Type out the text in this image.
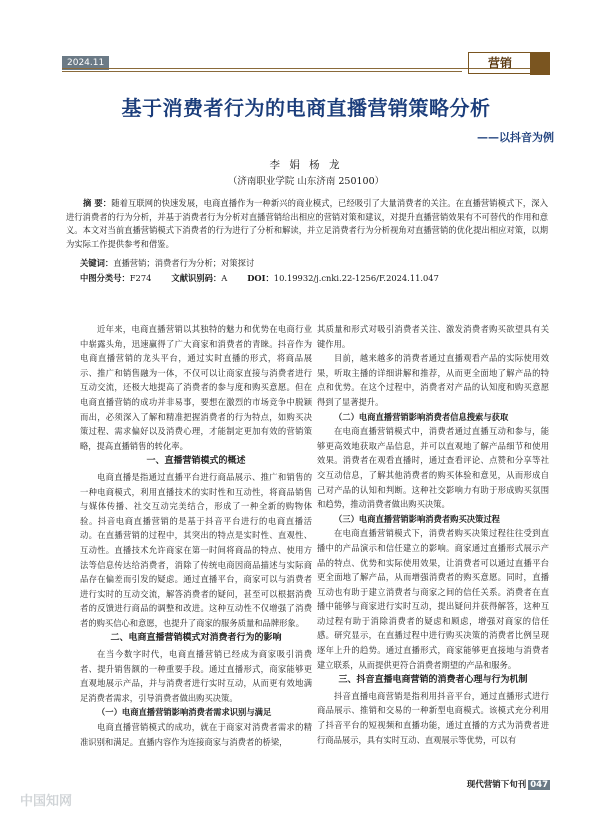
2024.11	营销
基于消费者行为的电商直播营销策略分析
——以抖音为例
李 娟 杨 龙
（济南职业学院 山东济南 250100）

摘 要：随着互联网的快速发展，电商直播作为一种新兴的商业模式，已经吸引了大量消费者的关注。在直播营销模式下，深入进行消费者的行为分析，并基于消费者行为分析对直播营销给出相应的营销对策和建议，对提升直播营销效果有不可替代的作用和意义。本文对当前直播营销模式下消费者的行为进行了分析和解读，并立足消费者行为分析视角对直播营销的优化提出相应对策，以期为实际工作提供参考和借鉴。

关键词：直播营销；消费者行为分析；对策探讨
中图分类号：F274 文献识别码：A DOI：10.19932/j.cnki.22-1256/F.2024.11.047

近年来，电商直播营销以其独特的魅力和优势在电商行业中崭露头角，迅速赢得了广大商家和消费者的青睐。抖音作为电商直播营销的龙头平台，通过实时直播的形式，将商品展示、推广和销售融为一体，不仅可以让商家直接与消费者进行互动交流，还极大地提高了消费者的参与度和购买意愿。但在电商直播营销的成功并非易事，要想在激烈的市场竞争中脱颖而出，必须深入了解和精准把握消费者的行为特点，如购买决策过程、需求偏好以及消费心理，才能制定更加有效的营销策略，提高直播销售的转化率。

一、直播营销模式的概述

电商直播是指通过直播平台进行商品展示、推广和销售的一种电商模式，利用直播技术的实时性和互动性，将商品销售与媒体传播、社交互动完美结合，形成了一种全新的购物体验。抖音电商直播营销的是基于抖音平台进行的电商直播活动。在直播营销的过程中，其突出的特点是实时性、直观性、互动性。直播技术允许商家在第一时间将商品的特点、使用方法等信息传达给消费者，消除了传统电商因商品描述与实际商品存在偏差而引发的疑虑。通过直播平台，商家可以与消费者进行实时的互动交流，解答消费者的疑问，甚至可以根据消费者的反馈进行商品的调整和改进。这种互动性不仅增强了消费者的购买信心和意愿，也提升了商家的服务质量和品牌形象。

二、电商直播营销模式对消费者行为的影响

在当今数字时代，电商直播营销已经成为商家吸引消费者、提升销售额的一种重要手段。通过直播形式，商家能够更直观地展示产品，并与消费者进行实时互动，从而更有效地满足消费者需求，引导消费者做出购买决策。

（一）电商直播营销影响消费者需求识别与满足

电商直播营销模式的成功，就在于商家对消费者需求的精准识别和满足。直播内容作为连接商家与消费者的桥梁，

其质量和形式对吸引消费者关注、激发消费者购买欲望具有关键作用。

目前，越来越多的消费者通过直播观看产品的实际使用效果，听取主播的详细讲解和推荐，从而更全面地了解产品的特点和优势。在这个过程中，消费者对产品的认知度和购买意愿得到了显著提升。

（二）电商直播营销影响消费者信息搜索与获取

在电商直播营销模式中，消费者通过直播互动和参与，能够更高效地获取产品信息，并可以直观地了解产品细节和使用效果。消费者在观看直播时，通过查看评论、点赞和分享等社交互动信息，了解其他消费者的购买体验和意见，从而形成自己对产品的认知和判断。这种社交影响力有助于形成购买氛围和趋势，推动消费者做出购买决策。

（三）电商直播营销影响消费者购买决策过程

在电商直播营销模式下，消费者购买决策过程往往受到直播中的产品演示和信任建立的影响。商家通过直播形式展示产品的特点、优势和实际使用效果，让消费者可以通过直播平台更全面地了解产品，从而增强消费者的购买意愿。同时，直播互动也有助于建立消费者与商家之间的信任关系。消费者在直播中能够与商家进行实时互动，提出疑问并获得解答，这种互动过程有助于消除消费者的疑虑和顾虑，增强对商家的信任感。研究显示，在直播过程中进行购买决策的消费者比例呈现逐年上升的趋势。通过直播形式，商家能够更直接地与消费者建立联系，从而提供更符合消费者期望的产品和服务。

三、抖音直播电商营销的消费者心理与行为机制

抖音直播电商营销是指利用抖音平台，通过直播形式进行商品展示、推销和交易的一种新型电商模式。该模式充分利用了抖音平台的短视频和直播功能，通过直播的方式为消费者进行商品展示，具有实时互动、直观展示等优势，可以有

中国知网
现代营销下旬刊 047
